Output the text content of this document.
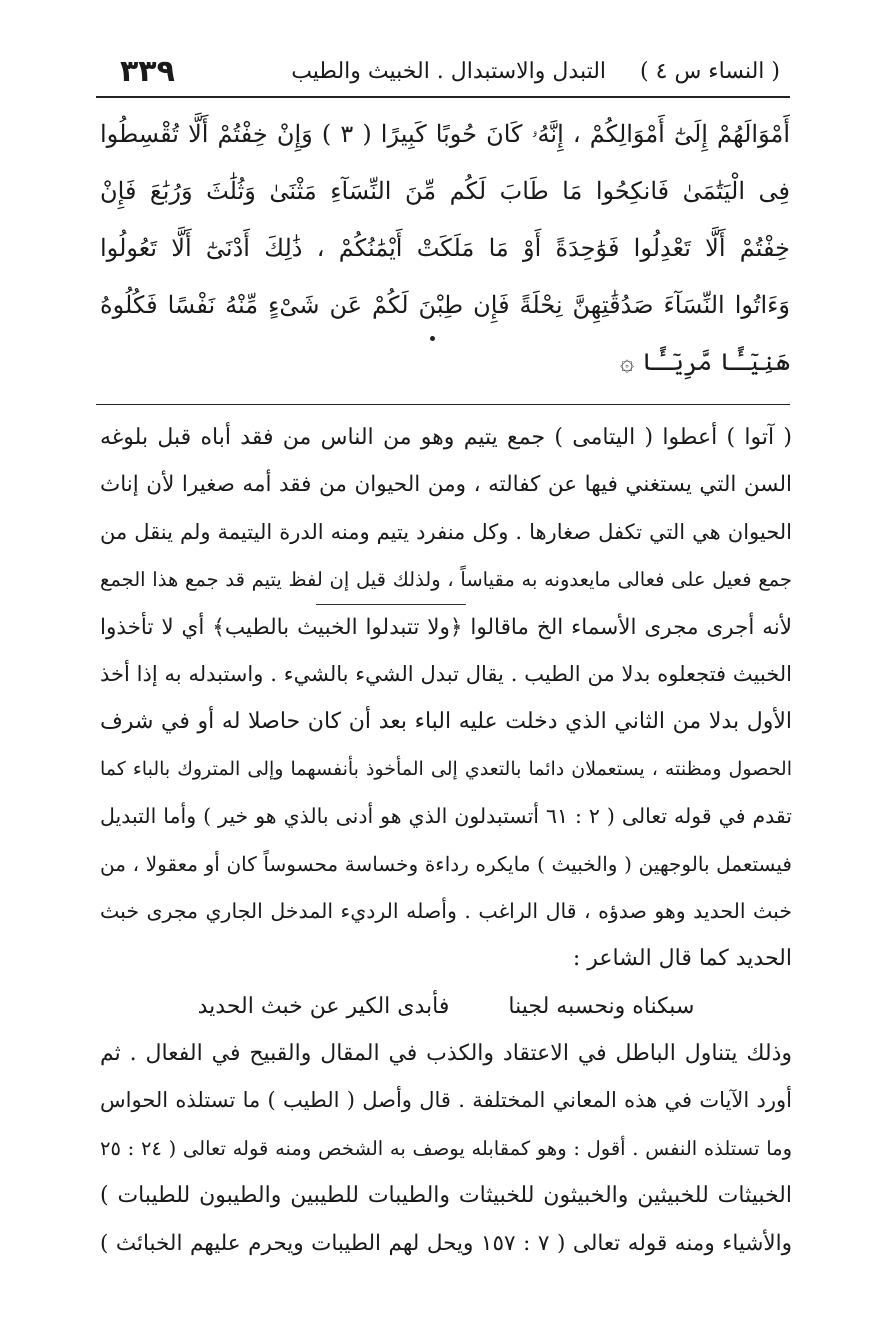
( النساء س ٤ )
التبدل والاستبدال . الخبيث والطيب
٣٣٩
أَمْوَالَهُمْ إِلَىٰٓ أَمْوَالِكُمْ ، إِنَّهُۥ كَانَ حُوبًا كَبِيرًا ( ٣ ) وَإِنْ خِفْتُمْ أَلَّا تُقْسِطُوا
فِى الْيَتَٰمَىٰ فَانكِحُوا مَا طَابَ لَكُم مِّنَ النِّسَآءِ مَثْنَىٰ وَثُلَٰثَ وَرُبَٰعَ فَإِنْ
خِفْتُمْ أَلَّا تَعْدِلُوا فَوَٰحِدَةً أَوْ مَا مَلَكَتْ أَيْمَٰنُكُمْ ، ذَٰلِكَ أَدْنَىٰٓ أَلَّا تَعُولُوا
وَءَاتُوا النِّسَآءَ صَدُقَٰتِهِنَّ نِحْلَةً فَإِن طِبْنَ لَكُمْ عَن شَىْءٍ مِّنْهُ نَفْسًا فَكُلُوهُ
هَنِيٓـًٔا مَّرِيٓـًٔا ۞
( آتوا ) أعطوا ( اليتامى ) جمع يتيم وهو من الناس من فقد أباه قبل بلوغه
السن التي يستغني فيها عن كفالته ، ومن الحيوان من فقد أمه صغيرا لأن إناث
الحيوان هي التي تكفل صغارها . وكل منفرد يتيم ومنه الدرة اليتيمة ولم ينقل من
جمع فعيل على فعالى مايعدونه به مقياساً ، ولذلك قيل إن لفظ يتيم قد جمع هذا الجمع
لأنه أجرى مجرى الأسماء الخ ماقالوا ﴿ولا تتبدلوا الخبيث بالطيب﴾ أي لا تأخذوا
الخبيث فتجعلوه بدلا من الطيب . يقال تبدل الشيء بالشيء . واستبدله به إذا أخذ
الأول بدلا من الثاني الذي دخلت عليه الباء بعد أن كان حاصلا له أو في شرف
الحصول ومظنته ، يستعملان دائما بالتعدي إلى المأخوذ بأنفسهما وإلى المتروك بالباء كما
تقدم في قوله تعالى ( ٢ : ٦١ أتستبدلون الذي هو أدنى بالذي هو خير ) وأما التبديل
فيستعمل بالوجهين ( والخبيث ) مايكره رداءة وخساسة محسوساً كان أو معقولا ، من
خبث الحديد وهو صدؤه ، قال الراغب . وأصله الرديء المدخل الجاري مجرى خبث
الحديد كما قال الشاعر :
سبكناه ونحسبه لجينا فأبدى الكير عن خبث الحديد
وذلك يتناول الباطل في الاعتقاد والكذب في المقال والقبيح في الفعال . ثم
أورد الآيات في هذه المعاني المختلفة . قال وأصل ( الطيب ) ما تستلذه الحواس
وما تستلذه النفس . أقول : وهو كمقابله يوصف به الشخص ومنه قوله تعالى ( ٢٤ : ٢٥
الخبيثات للخبيثين والخبيثون للخبيثات والطيبات للطيبين والطيبون للطيبات )
والأشياء ومنه قوله تعالى ( ٧ : ١٥٧ ويحل لهم الطيبات ويحرم عليهم الخبائث )
